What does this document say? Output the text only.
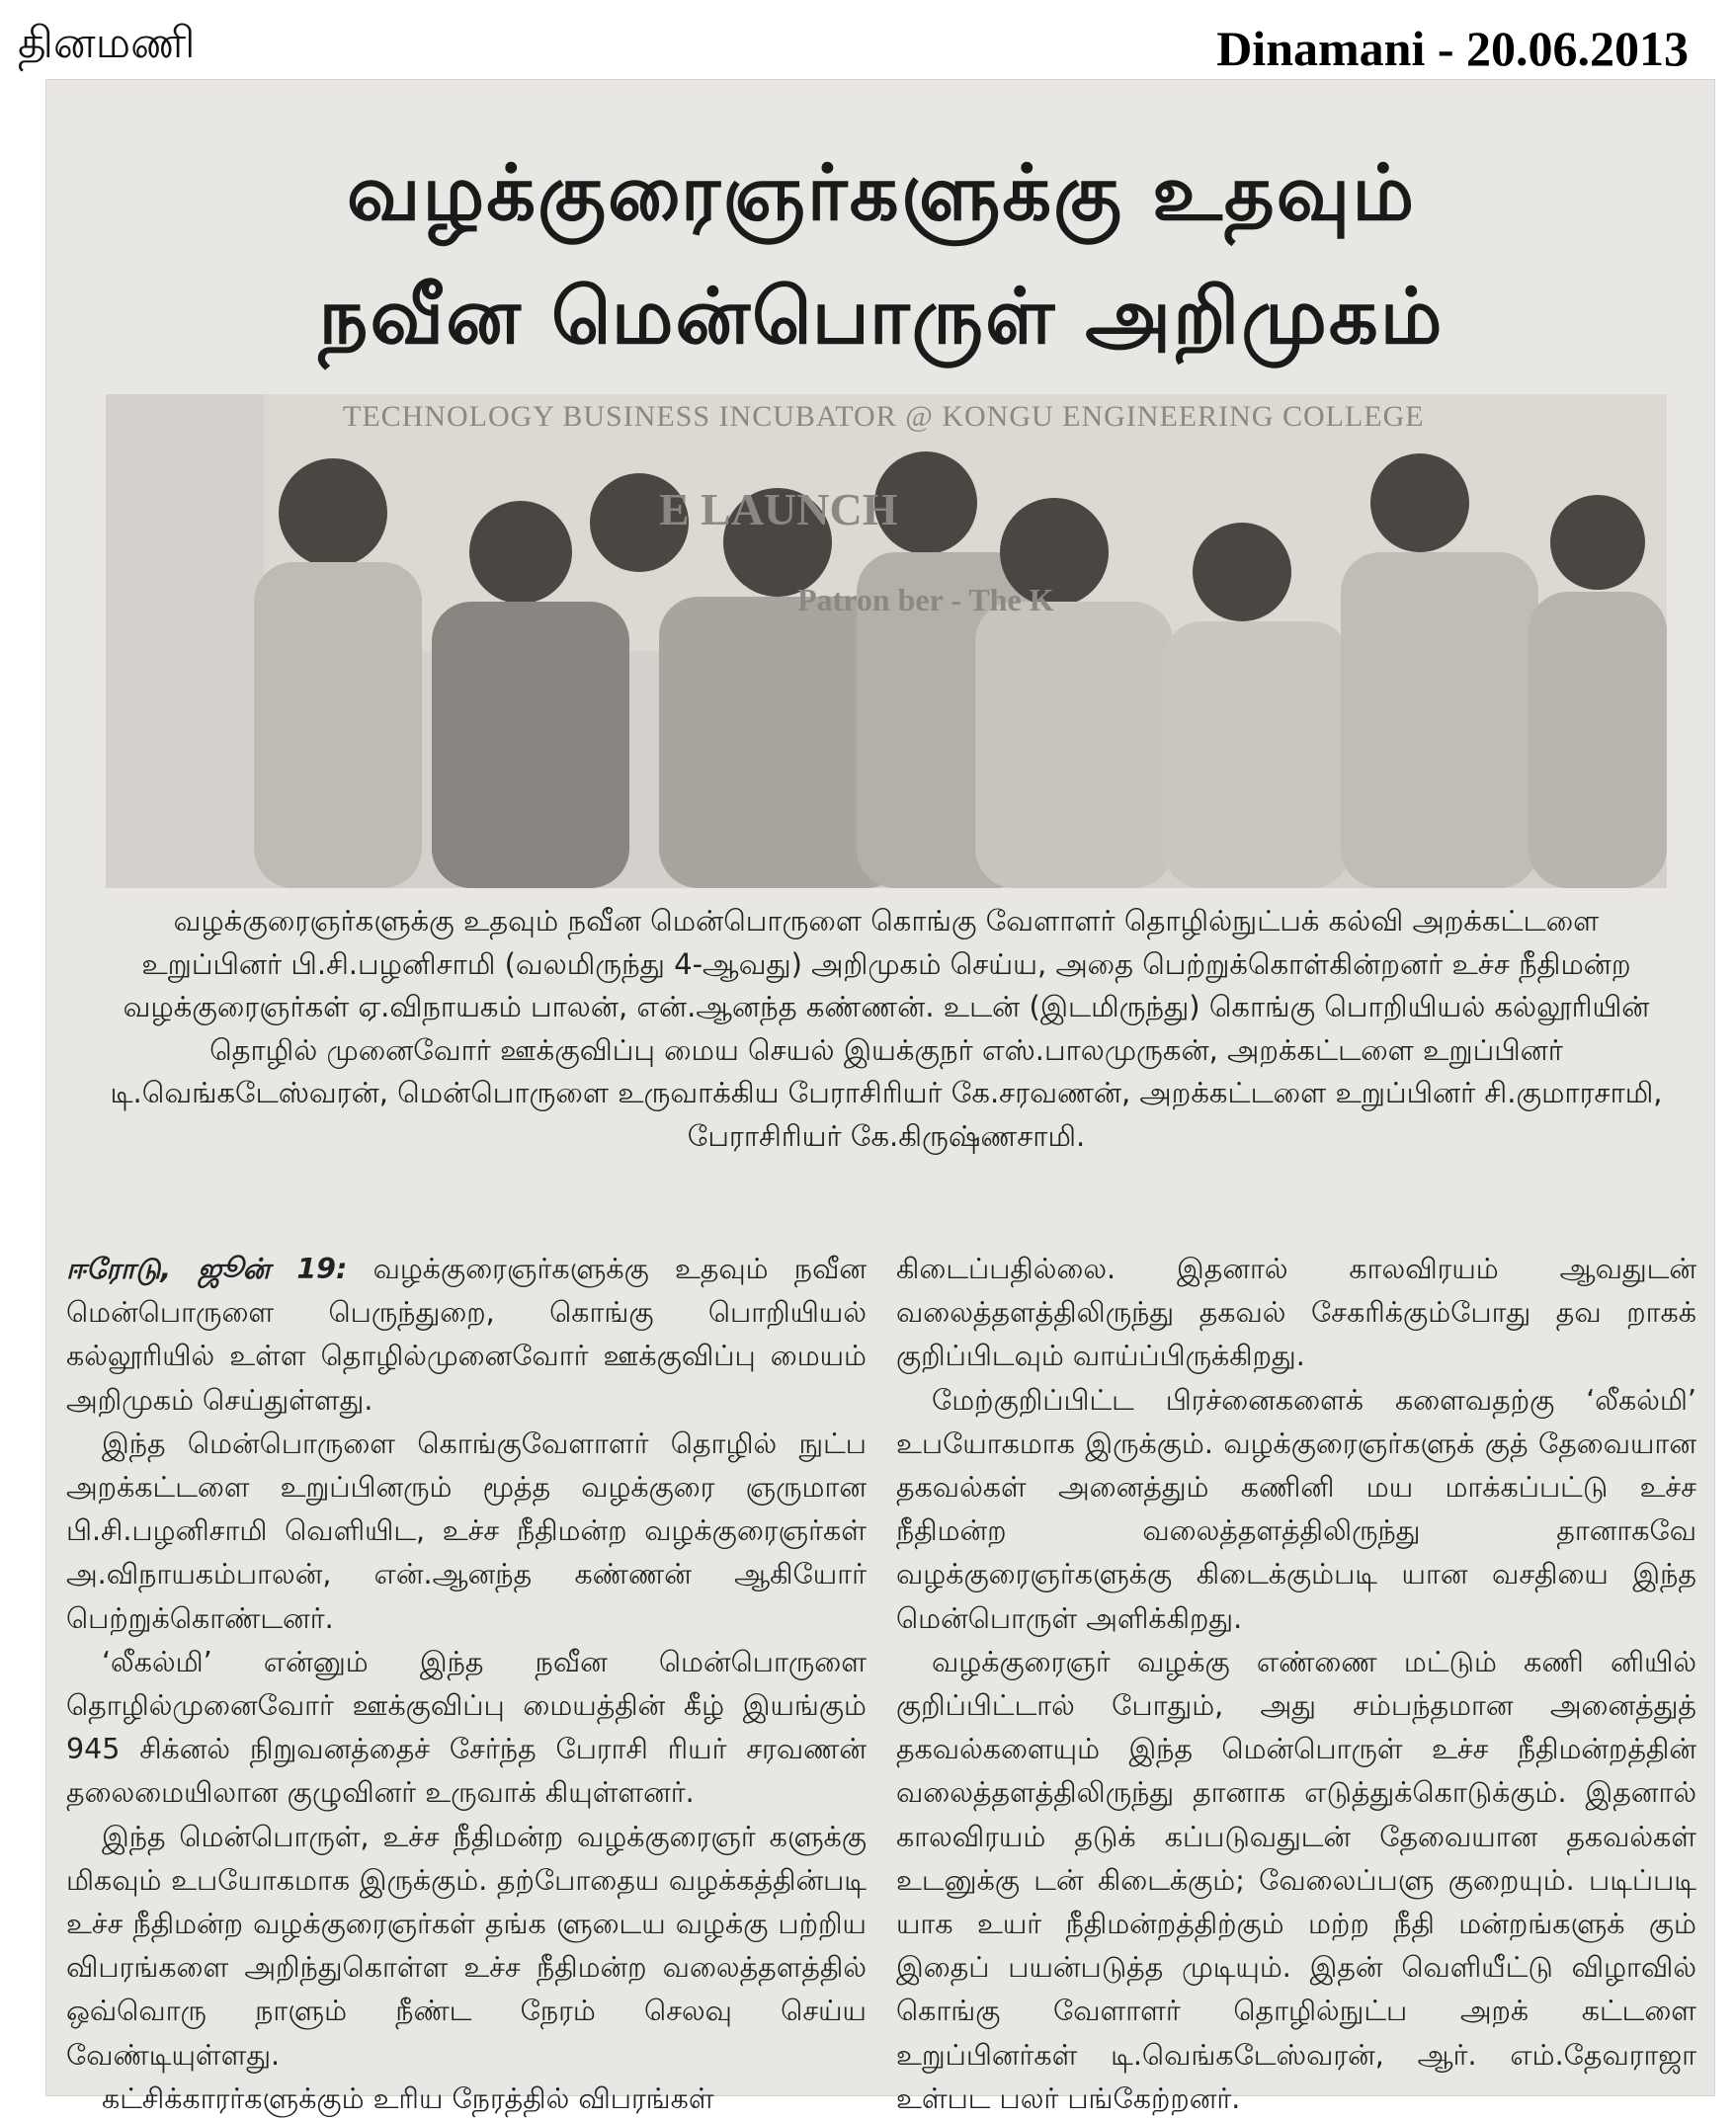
தினமணி	Dinamani - 20.06.2013
வழக்குரைஞர்களுக்கு உதவும்
நவீன மென்பொருள் அறிமுகம்
TECHNOLOGY BUSINESS INCUBATOR @ KONGU ENGINEERING COLLEGE
E LAUNCH
Patron ber - The K
வழக்குரைஞர்களுக்கு உதவும் நவீன மென்பொருளை கொங்கு வேளாளர் தொழில்நுட்பக் கல்வி அறக்கட்டளை உறுப்பினர் பி.சி.பழனிசாமி (வலமிருந்து 4-ஆவது) அறிமுகம் செய்ய, அதை பெற்றுக்கொள்கின்றனர் உச்ச நீதிமன்ற வழக்குரைஞர்கள் ஏ.விநாயகம் பாலன், என்.ஆனந்த கண்ணன். உடன் (இடமிருந்து) கொங்கு பொறியியல் கல்லூரியின் தொழில் முனைவோர் ஊக்குவிப்பு மைய செயல் இயக்குநர் எஸ்.பாலமுருகன், அறக்கட்டளை உறுப்பினர் டி.வெங்கடேஸ்வரன், மென்பொருளை உருவாக்கிய பேராசிரியர் கே.சரவணன், அறக்கட்டளை உறுப்பினர் சி.குமாரசாமி, பேராசிரியர் கே.கிருஷ்ணசாமி.

ஈரோடு, ஜூன் 19: வழக்குரைஞர்களுக்கு உதவும் நவீன மென்பொருளை பெருந்துறை, கொங்கு பொறியியல் கல்லூரியில் உள்ள தொழில்முனைவோர் ஊக்குவிப்பு மையம் அறிமுகம் செய்துள்ளது.

இந்த மென்பொருளை கொங்குவேளாளர் தொழில் நுட்ப அறக்கட்டளை உறுப்பினரும் மூத்த வழக்குரை ஞருமான பி.சி.பழனிசாமி வெளியிட, உச்ச நீதிமன்ற வழக்குரைஞர்கள் அ.விநாயகம்பாலன், என்.ஆனந்த கண்ணன் ஆகியோர் பெற்றுக்கொண்டனர்.

‘லீகல்மி’ என்னும் இந்த நவீன மென்பொருளை தொழில்முனைவோர் ஊக்குவிப்பு மையத்தின் கீழ் இயங்கும் 945 சிக்னல் நிறுவனத்தைச் சேர்ந்த பேராசி ரியர் சரவணன் தலைமையிலான குழுவினர் உருவாக் கியுள்ளனர்.

இந்த மென்பொருள், உச்ச நீதிமன்ற வழக்குரைஞர் களுக்கு மிகவும் உபயோகமாக இருக்கும். தற்போதைய வழக்கத்தின்படி உச்ச நீதிமன்ற வழக்குரைஞர்கள் தங்க ளுடைய வழக்கு பற்றிய விபரங்களை அறிந்துகொள்ள உச்ச நீதிமன்ற வலைத்தளத்தில் ஒவ்வொரு நாளும் நீண்ட நேரம் செலவு செய்ய வேண்டியுள்ளது.

கட்சிக்காரர்களுக்கும் உரிய நேரத்தில் விபரங்கள்

கிடைப்பதில்லை. இதனால் காலவிரயம் ஆவதுடன் வலைத்தளத்திலிருந்து தகவல் சேகரிக்கும்போது தவ றாகக் குறிப்பிடவும் வாய்ப்பிருக்கிறது.

மேற்குறிப்பிட்ட பிரச்னைகளைக் களைவதற்கு ‘லீகல்மி’ உபயோகமாக இருக்கும். வழக்குரைஞர்களுக் குத் தேவையான தகவல்கள் அனைத்தும் கணினி மய மாக்கப்பட்டு உச்ச நீதிமன்ற வலைத்தளத்திலிருந்து தானாகவே வழக்குரைஞர்களுக்கு கிடைக்கும்படி யான வசதியை இந்த மென்பொருள் அளிக்கிறது.

வழக்குரைஞர் வழக்கு எண்ணை மட்டும் கணி னியில் குறிப்பிட்டால் போதும், அது சம்பந்தமான அனைத்துத் தகவல்களையும் இந்த மென்பொருள் உச்ச நீதிமன்றத்தின் வலைத்தளத்திலிருந்து தானாக எடுத்துக்கொடுக்கும். இதனால் காலவிரயம் தடுக் கப்படுவதுடன் தேவையான தகவல்கள் உடனுக்கு டன் கிடைக்கும்; வேலைப்பளு குறையும். படிப்படி யாக உயர் நீதிமன்றத்திற்கும் மற்ற நீதி மன்றங்களுக் கும் இதைப் பயன்படுத்த முடியும். இதன் வெளியீட்டு விழாவில் கொங்கு வேளாளர் தொழில்நுட்ப அறக் கட்டளை உறுப்பினர்கள் டி.வெங்கடேஸ்வரன், ஆர். எம்.தேவராஜா உள்பட பலர் பங்கேற்றனர்.
